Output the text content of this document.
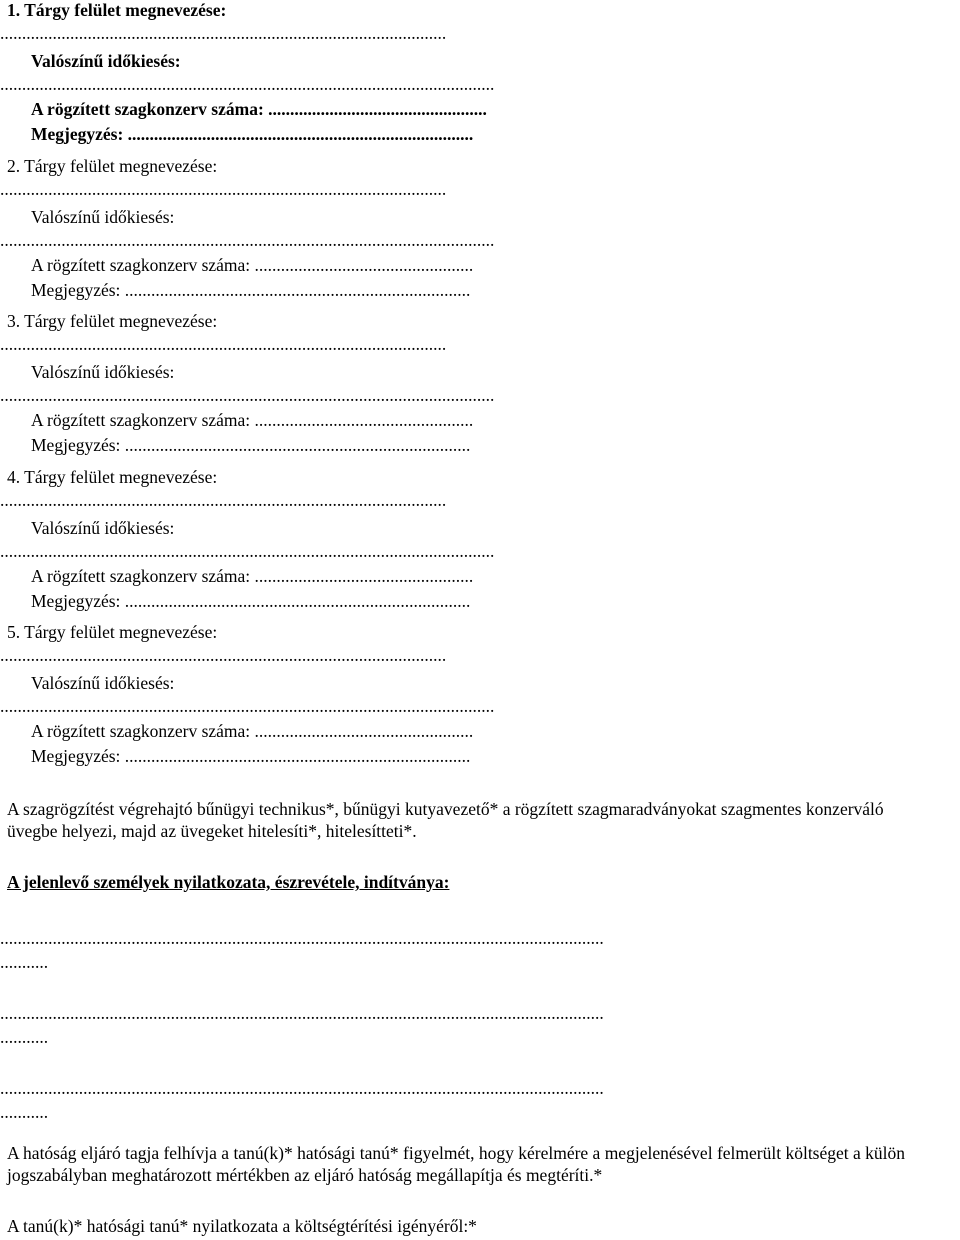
1. Tárgy felület megnevezése:
......................................................................................................
Valószínű időkiesés:
.................................................................................................................
A rögzített szagkonzerv száma: ..................................................
Megjegyzés: ...............................................................................
2. Tárgy felület megnevezése:
......................................................................................................
Valószínű időkiesés:
.................................................................................................................
A rögzített szagkonzerv száma: ..................................................
Megjegyzés: ...............................................................................
3. Tárgy felület megnevezése:
......................................................................................................
Valószínű időkiesés:
.................................................................................................................
A rögzített szagkonzerv száma: ..................................................
Megjegyzés: ...............................................................................
4. Tárgy felület megnevezése:
......................................................................................................
Valószínű időkiesés:
.................................................................................................................
A rögzített szagkonzerv száma: ..................................................
Megjegyzés: ...............................................................................
5. Tárgy felület megnevezése:
......................................................................................................
Valószínű időkiesés:
.................................................................................................................
A rögzített szagkonzerv száma: ..................................................
Megjegyzés: ...............................................................................
A szagrögzítést végrehajtó bűnügyi technikus*, bűnügyi kutyavezető* a rögzített szagmaradványokat szagmentes konzerváló üvegbe helyezi, majd az üvegeket hitelesíti*, hitelesítteti*.
A jelenlevő személyek nyilatkozata, észrevétele, indítványa:
..........................................................................................................................................
...........
..........................................................................................................................................
...........
..........................................................................................................................................
...........
A hatóság eljáró tagja felhívja a tanú(k)* hatósági tanú* figyelmét, hogy kérelmére a megjelenésével felmerült költséget a külön jogszabályban meghatározott mértékben az eljáró hatóság megállapítja és megtéríti.*
A tanú(k)* hatósági tanú* nyilatkozata a költségtérítési igényéről:*
